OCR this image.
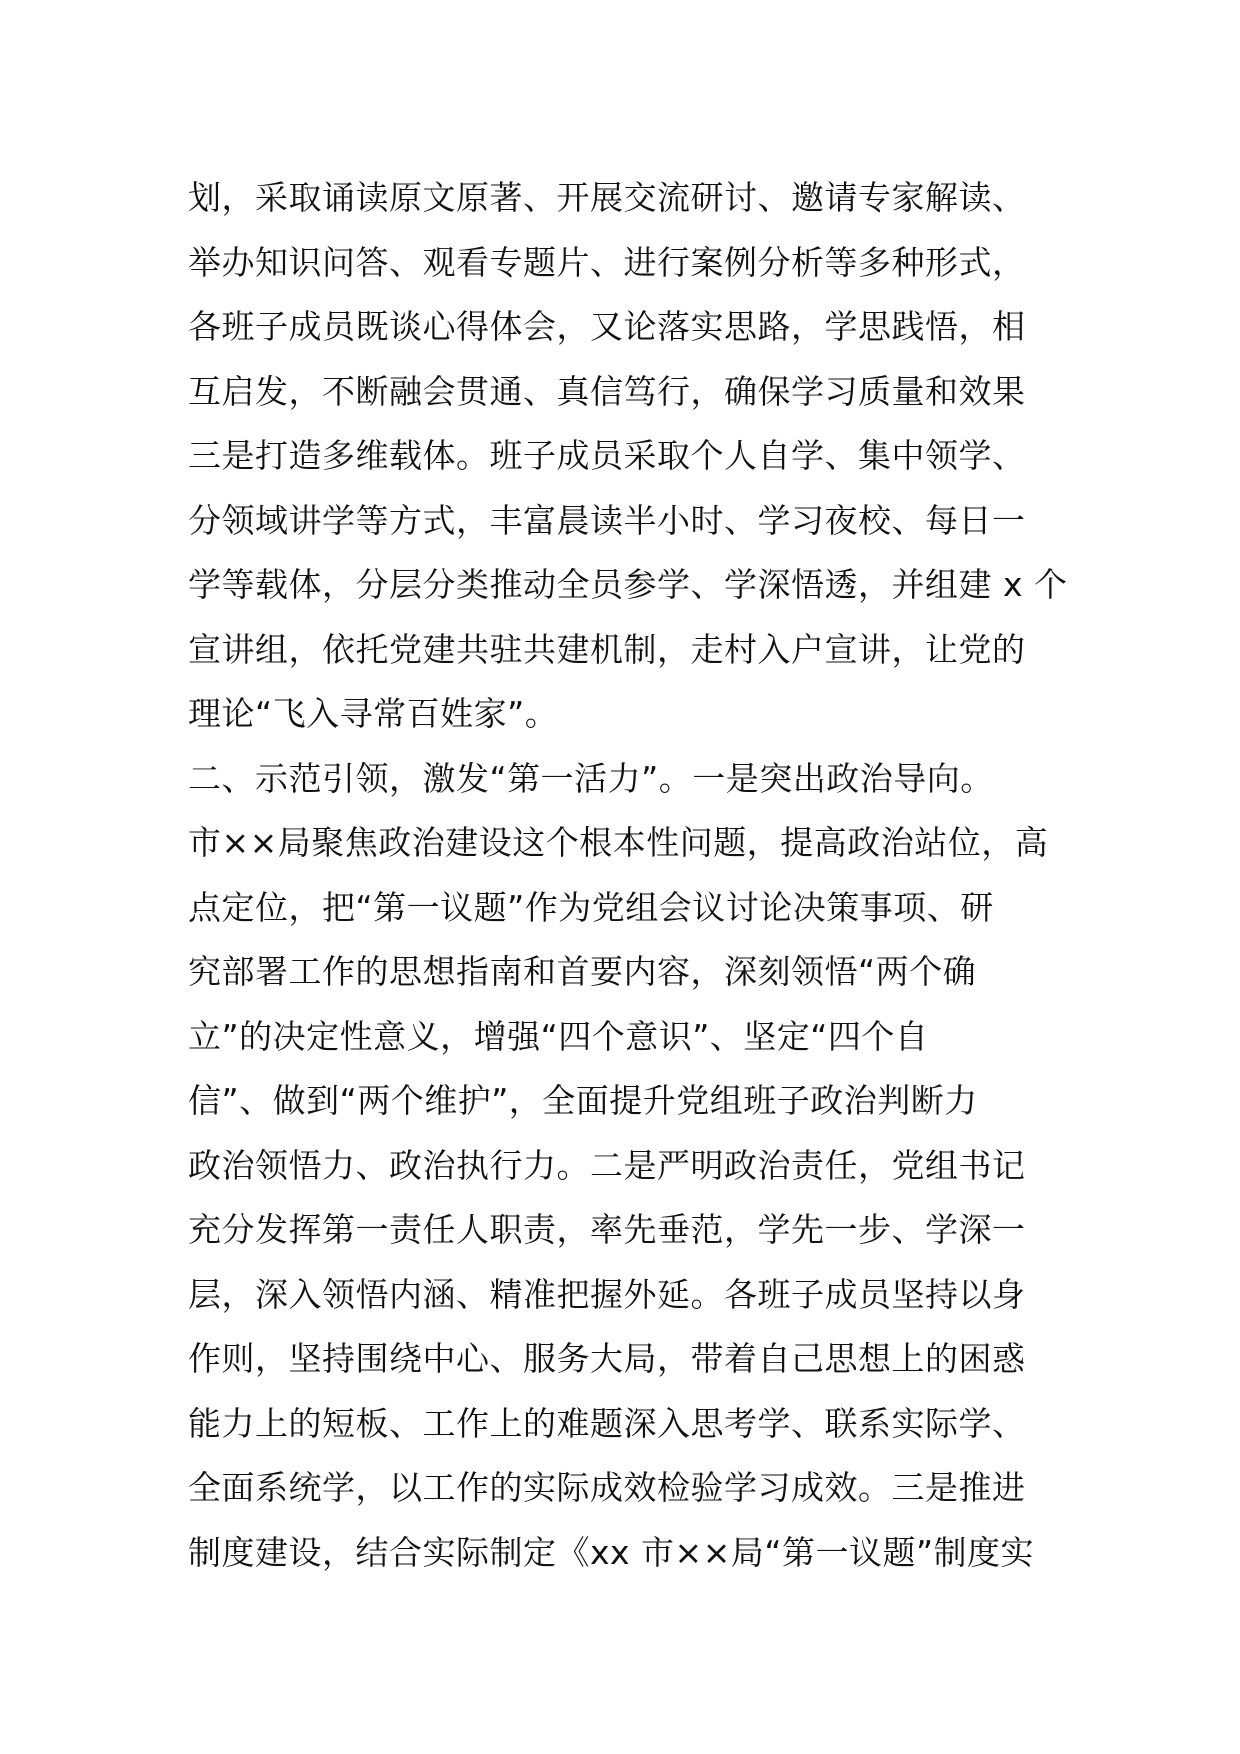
划，采取诵读原文原著、开展交流研讨、邀请专家解读、
举办知识问答、观看专题片、进行案例分析等多种形式，
各班子成员既谈心得体会，又论落实思路，学思践悟，相
互启发，不断融会贯通、真信笃行，确保学习质量和效果
三是打造多维载体。班子成员采取个人自学、集中领学、
分领域讲学等方式，丰富晨读半小时、学习夜校、每日一
学等载体，分层分类推动全员参学、学深悟透，并组建 x 个
宣讲组，依托党建共驻共建机制，走村入户宣讲，让党的
理论“飞入寻常百姓家”。
二、示范引领，激发“第一活力”。一是突出政治导向。
市××局聚焦政治建设这个根本性问题，提高政治站位，高
点定位，把“第一议题”作为党组会议讨论决策事项、研
究部署工作的思想指南和首要内容，深刻领悟“两个确
立”的决定性意义，增强“四个意识”、坚定“四个自
信”、做到“两个维护”，全面提升党组班子政治判断力
政治领悟力、政治执行力。二是严明政治责任，党组书记
充分发挥第一责任人职责，率先垂范，学先一步、学深一
层，深入领悟内涵、精准把握外延。各班子成员坚持以身
作则，坚持围绕中心、服务大局，带着自己思想上的困惑
能力上的短板、工作上的难题深入思考学、联系实际学、
全面系统学，以工作的实际成效检验学习成效。三是推进
制度建设，结合实际制定《xx 市××局“第一议题”制度实
